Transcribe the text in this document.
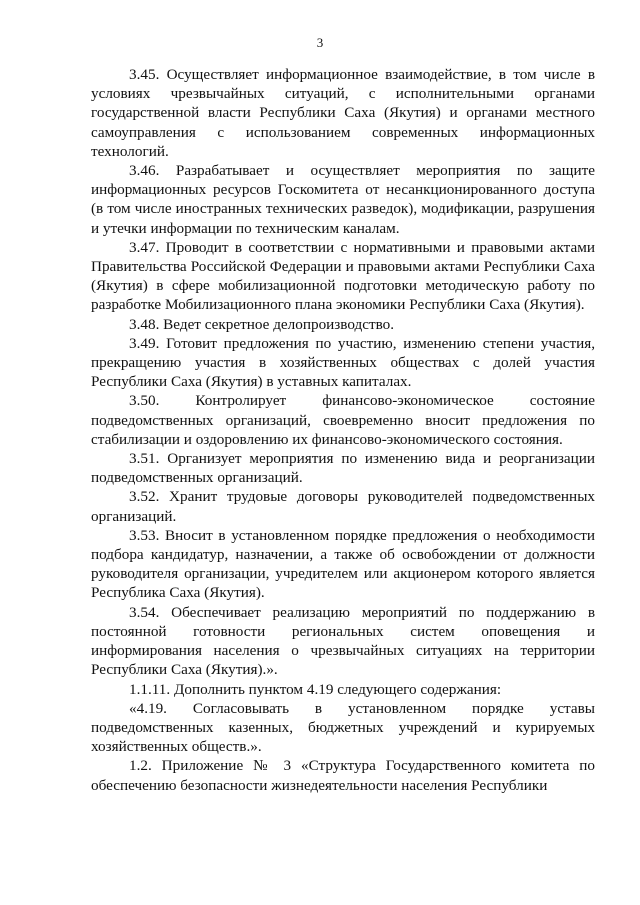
3

3.45. Осуществляет информационное взаимодействие, в том числе в условиях чрезвычайных ситуаций, с исполнительными органами государственной власти Республики Саха (Якутия) и органами местного самоуправления с использованием современных информационных технологий.

3.46. Разрабатывает и осуществляет мероприятия по защите информационных ресурсов Госкомитета от несанкционированного доступа (в том числе иностранных технических разведок), модификации, разрушения и утечки информации по техническим каналам.

3.47. Проводит в соответствии с нормативными и правовыми актами Правительства Российской Федерации и правовыми актами Республики Саха (Якутия) в сфере мобилизационной подготовки методическую работу по разработке Мобилизационного плана экономики Республики Саха (Якутия).

3.48. Ведет секретное делопроизводство.

3.49. Готовит предложения по участию, изменению степени участия, прекращению участия в хозяйственных обществах с долей участия Республики Саха (Якутия) в уставных капиталах.

3.50. Контролирует финансово-экономическое состояние подведомственных организаций, своевременно вносит предложения по стабилизации и оздоровлению их финансово-экономического состояния.

3.51. Организует мероприятия по изменению вида и реорганизации подведомственных организаций.

3.52. Хранит трудовые договоры руководителей подведомственных организаций.

3.53. Вносит в установленном порядке предложения о необходимости подбора кандидатур, назначении, а также об освобождении от должности руководителя организации, учредителем или акционером которого является Республика Саха (Якутия).

3.54. Обеспечивает реализацию мероприятий по поддержанию в постоянной готовности региональных систем оповещения и информирования населения о чрезвычайных ситуациях на территории Республики Саха (Якутия).».

1.1.11. Дополнить пунктом 4.19 следующего содержания:

«4.19. Согласовывать в установленном порядке уставы подведомственных казенных, бюджетных учреждений и курируемых хозяйственных обществ.».

1.2. Приложение № 3 «Структура Государственного комитета по обеспечению безопасности жизнедеятельности населения Республики
